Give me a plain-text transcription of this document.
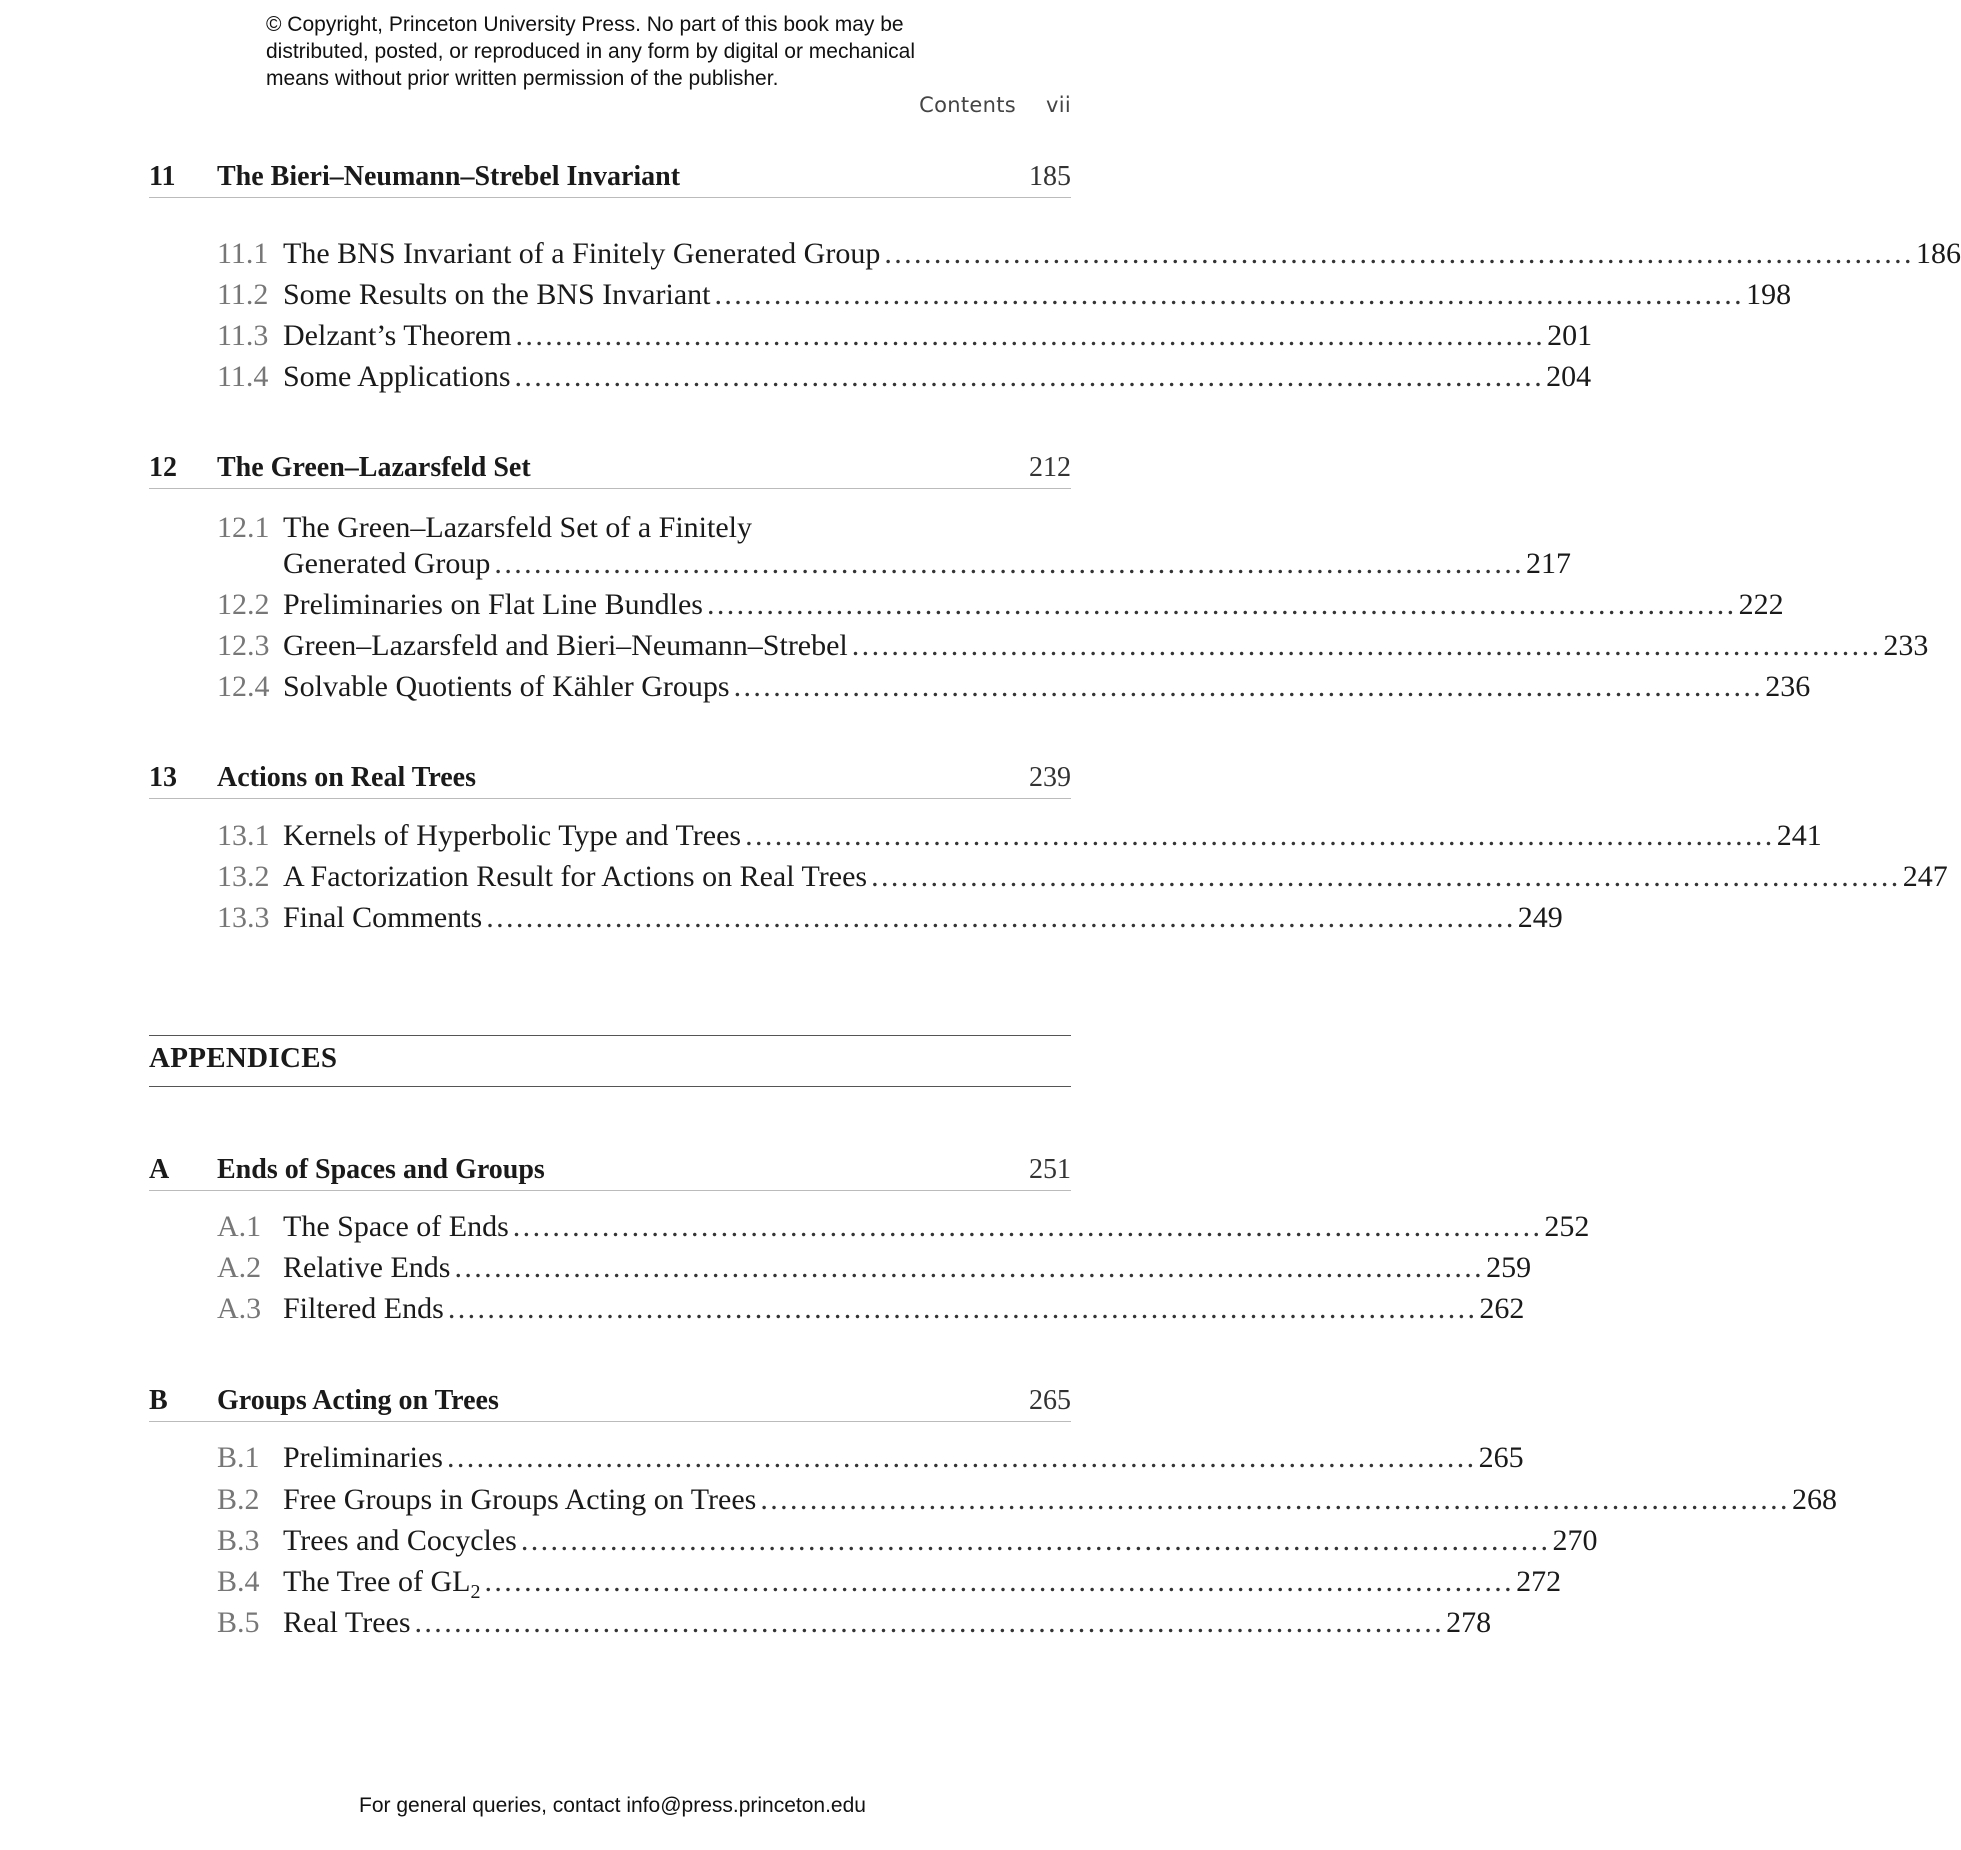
© Copyright, Princeton University Press. No part of this book may be
distributed, posted, or reproduced in any form by digital or mechanical
means without prior written permission of the publisher.
Contents vii
11 The Bieri–Neumann–Strebel Invariant	185
11.1 The BNS Invariant of a Finitely Generated Group ........................................................................................................ 186
11.2 Some Results on the BNS Invariant ........................................................................................................ 198
11.3 Delzant’s Theorem ........................................................................................................ 201
11.4 Some Applications ........................................................................................................ 204
12 The Green–Lazarsfeld Set	212
12.1 The Green–Lazarsfeld Set of a Finitely
Generated Group ........................................................................................................ 217
12.2 Preliminaries on Flat Line Bundles ........................................................................................................ 222
12.3 Green–Lazarsfeld and Bieri–Neumann–Strebel ........................................................................................................ 233
12.4 Solvable Quotients of Kähler Groups ........................................................................................................ 236
13 Actions on Real Trees	239
13.1 Kernels of Hyperbolic Type and Trees ........................................................................................................ 241
13.2 A Factorization Result for Actions on Real Trees ........................................................................................................ 247
13.3 Final Comments ........................................................................................................ 249
APPENDICES
A Ends of Spaces and Groups	251
A.1 The Space of Ends ........................................................................................................ 252
A.2 Relative Ends ........................................................................................................ 259
A.3 Filtered Ends ........................................................................................................ 262
B Groups Acting on Trees	265
B.1 Preliminaries ........................................................................................................ 265
B.2 Free Groups in Groups Acting on Trees ........................................................................................................ 268
B.3 Trees and Cocycles ........................................................................................................ 270
B.4 The Tree of $GL_2$ ........................................................................................................ 272
B.5 Real Trees ........................................................................................................ 278
For general queries, contact info@press.princeton.edu
